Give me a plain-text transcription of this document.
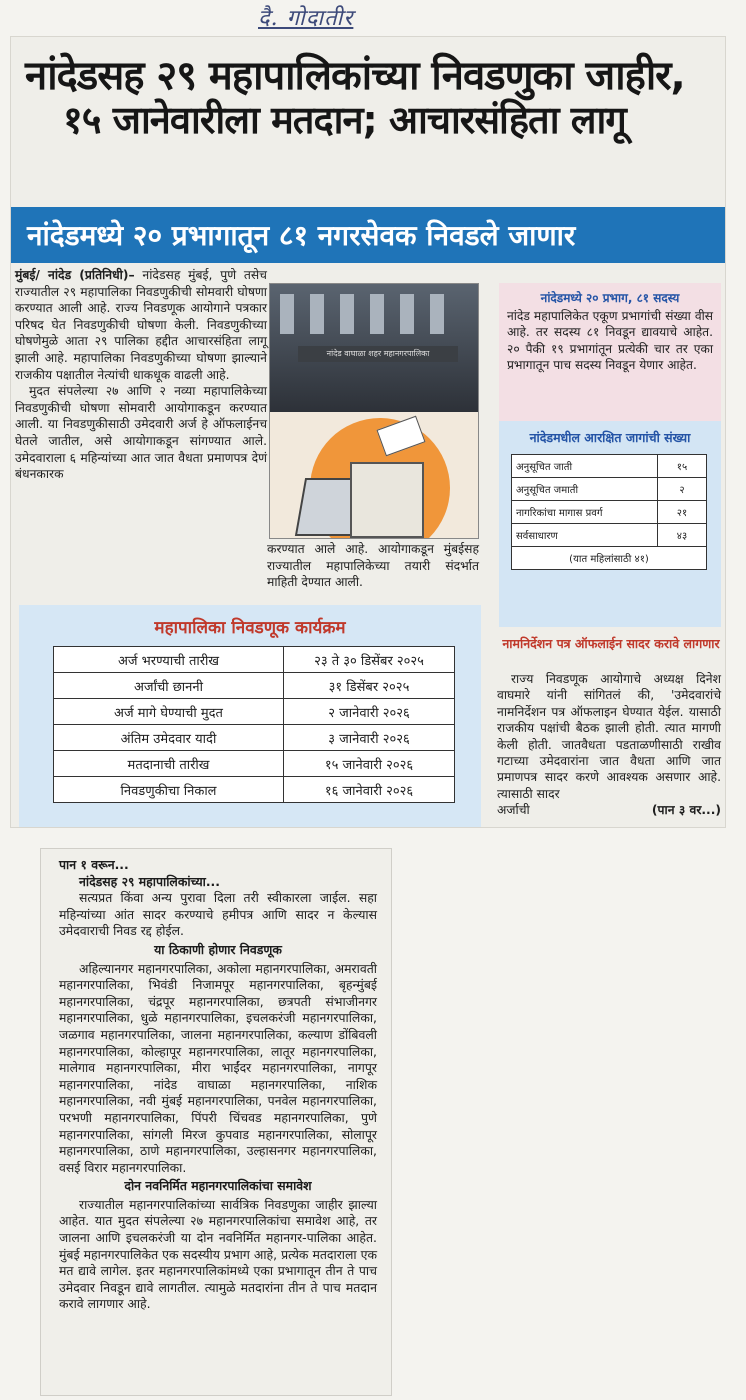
दै. गोदातीर
नांदेडसह २९ महापालिकांच्या निवडणुका जाहीर,
१५ जानेवारीला मतदान; आचारसंहिता लागू
नांदेडमध्ये २० प्रभागातून ८१ नगरसेवक निवडले जाणार
मुंबई/ नांदेड (प्रतिनिधी)– नांदेडसह मुंबई, पुणे तसेच राज्यातील २९ महापालिका निवडणुकीची सोमवारी घोषणा करण्यात आली आहे. राज्य निवडणूक आयोगाने पत्रकार परिषद घेत निवडणुकीची घोषणा केली. निवडणुकीच्या घोषणेमुळे आता २९ पालिका हद्दीत आचारसंहिता लागू झाली आहे. महापालिका निवडणुकीच्या घोषणा झाल्याने राजकीय पक्षातील नेत्यांची धाकधूक वाढली आहे.
मुदत संपलेल्या २७ आणि २ नव्या महापालिकेच्या निवडणुकीची घोषणा सोमवारी आयोगाकडून करण्यात आली. या निवडणुकीसाठी उमेदवारी अर्ज हे ऑफलाईनच घेतले जातील, असे आयोगाकडून सांगण्यात आले. उमेदवाराला ६ महिन्यांच्या आत जात वैधता प्रमाणपत्र देणं बंधनकारक
नांदेड वाघाळा शहर महानगरपालिका
करण्यात आले आहे. आयोगाकडून मुंबईसह राज्यातील महापालिकेच्या तयारी संदर्भात माहिती देण्यात आली.
नांदेडमध्ये २० प्रभाग, ८१ सदस्य
नांदेड महापालिकेत एकूण प्रभागांची संख्या वीस आहे. तर सदस्य ८१ निवडून द्यावयाचे आहेत. २० पैकी १९ प्रभागांतून प्रत्येकी चार तर एका प्रभागातून पाच सदस्य निवडून येणार आहेत.
नांदेडमधील आरक्षित जागांची संख्या
अनुसूचित जाती	१५
अनुसूचित जमाती	२
नागरिकांचा मागास प्रवर्ग	२१
सर्वसाधारण	४३
(यात महिलांसाठी ४१)	
नामनिर्देशन पत्र ऑफलाईन सादर करावे लागणार
राज्य निवडणूक आयोगाचे अध्यक्ष दिनेश वाघमारे यांनी सांगितलं की, 'उमेदवारांचे नामनिर्देशन पत्र ऑफलाइन घेण्यात येईल. यासाठी राजकीय पक्षांची बैठक झाली होती. त्यात मागणी केली होती. जातवैधता पडताळणीसाठी राखीव गटाच्या उमेदवारांना जात वैधता आणि जात प्रमाणपत्र सादर करणे आवश्यक असणार आहे. त्यासाठी सादर
अर्जाची	(पान ३ वर...)
महापालिका निवडणूक कार्यक्रम
अर्ज भरण्याची तारीख	२३ ते ३० डिसेंबर २०२५
अर्जांची छाननी	३१ डिसेंबर २०२५
अर्ज मागे घेण्याची मुदत	२ जानेवारी २०२६
अंतिम उमेदवार यादी	३ जानेवारी २०२६
मतदानाची तारीख	१५ जानेवारी २०२६
निवडणुकीचा निकाल	१६ जानेवारी २०२६
पान १ वरून...
नांदेडसह २९ महापालिकांच्या...

सत्यप्रत किंवा अन्य पुरावा दिला तरी स्वीकारला जाईल. सहा महिन्यांच्या आंत सादर करण्याचे हमीपत्र आणि सादर न केल्यास उमेदवाराची निवड रद्द होईल.

या ठिकाणी होणार निवडणूक

अहिल्यानगर महानगरपालिका, अकोला महानगरपालिका, अमरावती महानगरपालिका, भिवंडी निजामपूर महानगरपालिका, बृहन्मुंबई महानगरपालिका, चंद्रपूर महानगरपालिका, छत्रपती संभाजीनगर महानगरपालिका, धुळे महानगरपालिका, इचलकरंजी महानगरपालिका, जळगाव महानगरपालिका, जालना महानगरपालिका, कल्याण डोंबिवली महानगरपालिका, कोल्हापूर महानगरपालिका, लातूर महानगरपालिका, मालेगाव महानगरपालिका, मीरा भाईंदर महानगरपालिका, नागपूर महानगरपालिका, नांदेड वाघाळा महानगरपालिका, नाशिक महानगरपालिका, नवी मुंबई महानगरपालिका, पनवेल महानगरपालिका, परभणी महानगरपालिका, पिंपरी चिंचवड महानगरपालिका, पुणे महानगरपालिका, सांगली मिरज कुपवाड महानगरपालिका, सोलापूर महानगरपालिका, ठाणे महानगरपालिका, उल्हासनगर महानगरपालिका, वसई विरार महानगरपालिका.

दोन नवनिर्मित महानगरपालिकांचा समावेश

राज्यातील महानगरपालिकांच्या सार्वत्रिक निवडणुका जाहीर झाल्या आहेत. यात मुदत संपलेल्या २७ महानगरपालिकांचा समावेश आहे, तर जालना आणि इचलकरंजी या दोन नवनिर्मित महानगर-पालिका आहेत. मुंबई महानगरपालिकेत एक सदस्यीय प्रभाग आहे, प्रत्येक मतदाराला एक मत द्यावे लागेल. इतर महानगरपालिकांमध्ये एका प्रभागातून तीन ते पाच उमेदवार निवडून द्यावे लागतील. त्यामुळे मतदारांना तीन ते पाच मतदान करावे लागणार आहे.
